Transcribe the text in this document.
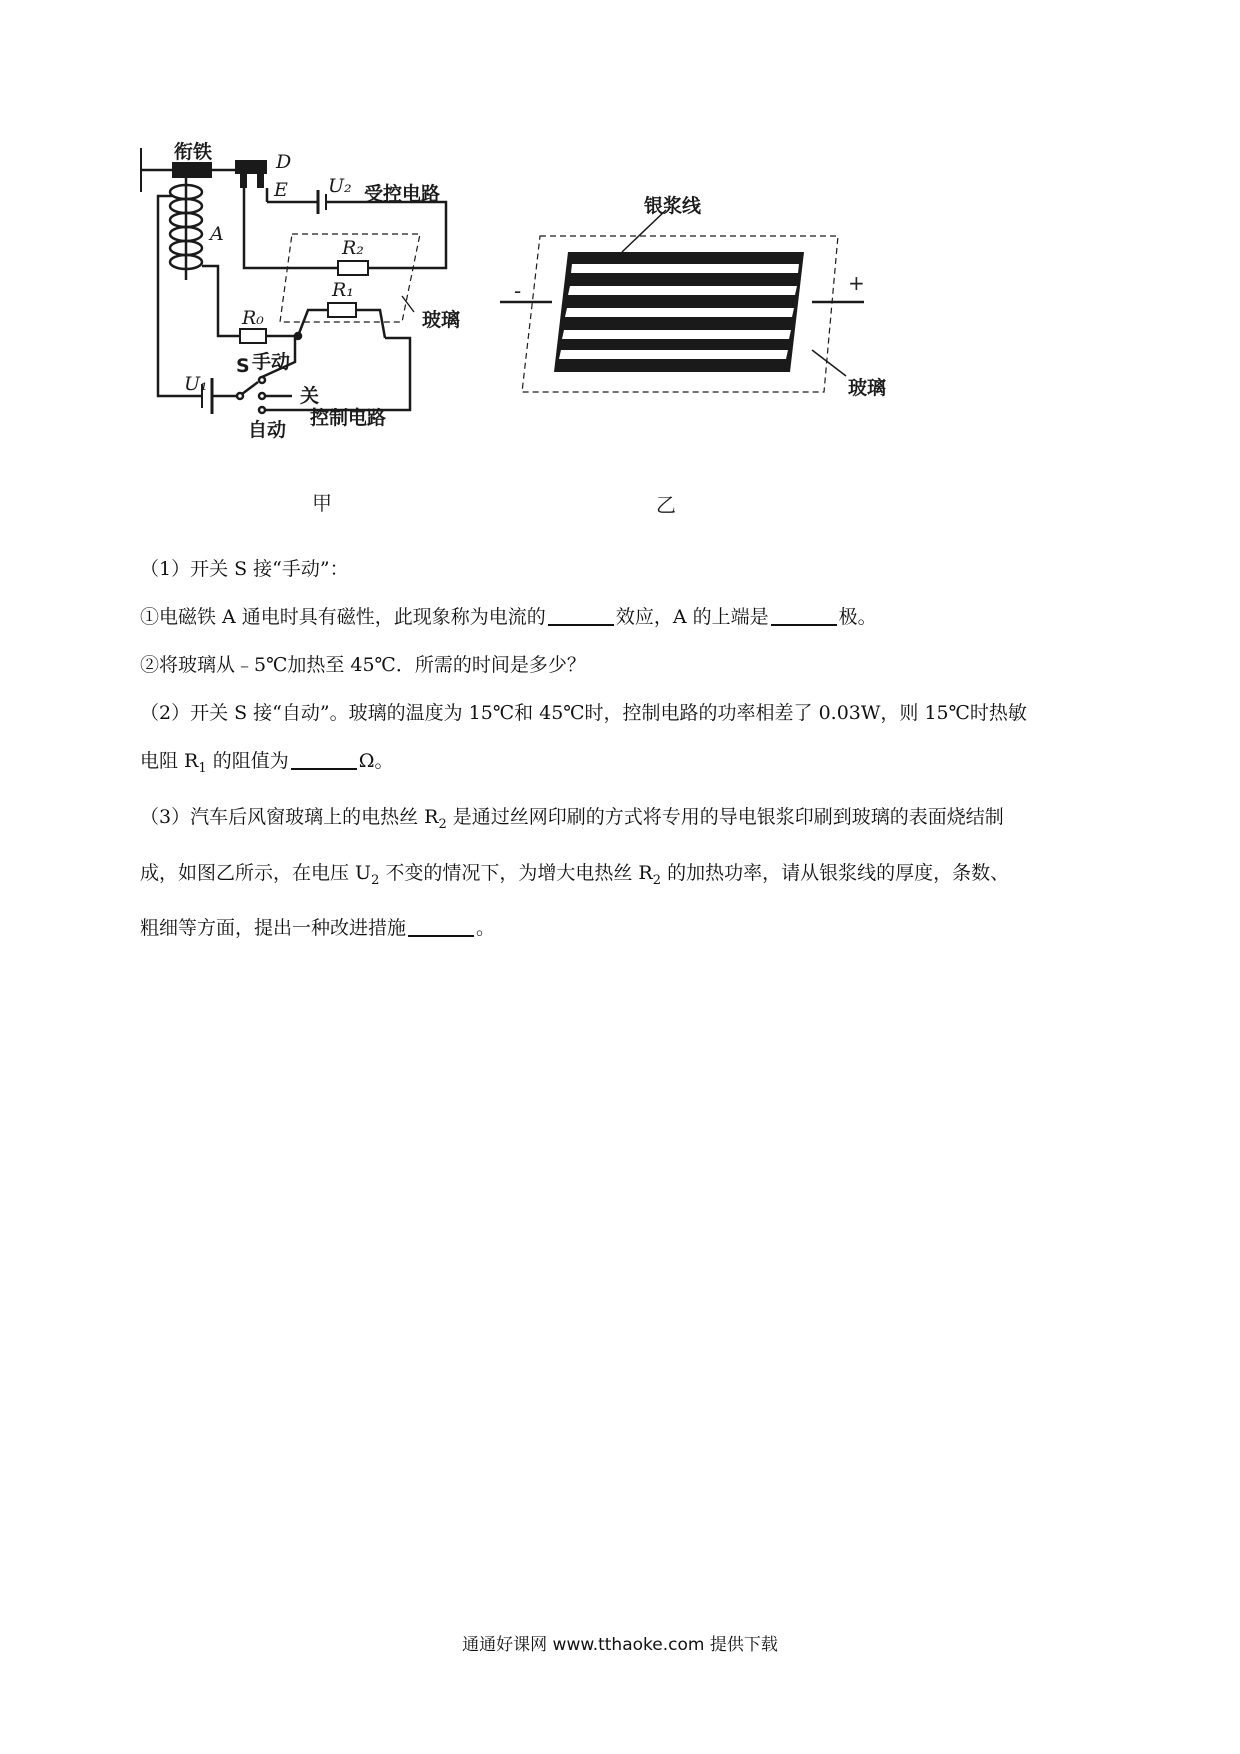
衔铁	D
E U₂ 受控电路
A
R₂
R₁
R₀	玻璃
U₁
S 手动
关
自动
控制电路
甲
银浆线
-	+
玻璃
乙
（1）开关 S 接“手动”：
①电磁铁 A 通电时具有磁性，此现象称为电流的	效应，A 的上端是	极。
②将玻璃从﹣5℃加热至 45℃．所需的时间是多少？
（2）开关 S 接“自动”。玻璃的温度为 15℃和 45℃时，控制电路的功率相差了 0.03W，则 15℃时热敏
电阻 $R_1$ 的阻值为	Ω。
（3）汽车后风窗玻璃上的电热丝 $R_2$ 是通过丝网印刷的方式将专用的导电银浆印刷到玻璃的表面烧结制
成，如图乙所示，在电压 $U_2$ 不变的情况下，为增大电热丝 $R_2$ 的加热功率，请从银浆线的厚度，条数、
粗细等方面，提出一种改进措施	。
通通好课网 www.tthaoke.com 提供下载
